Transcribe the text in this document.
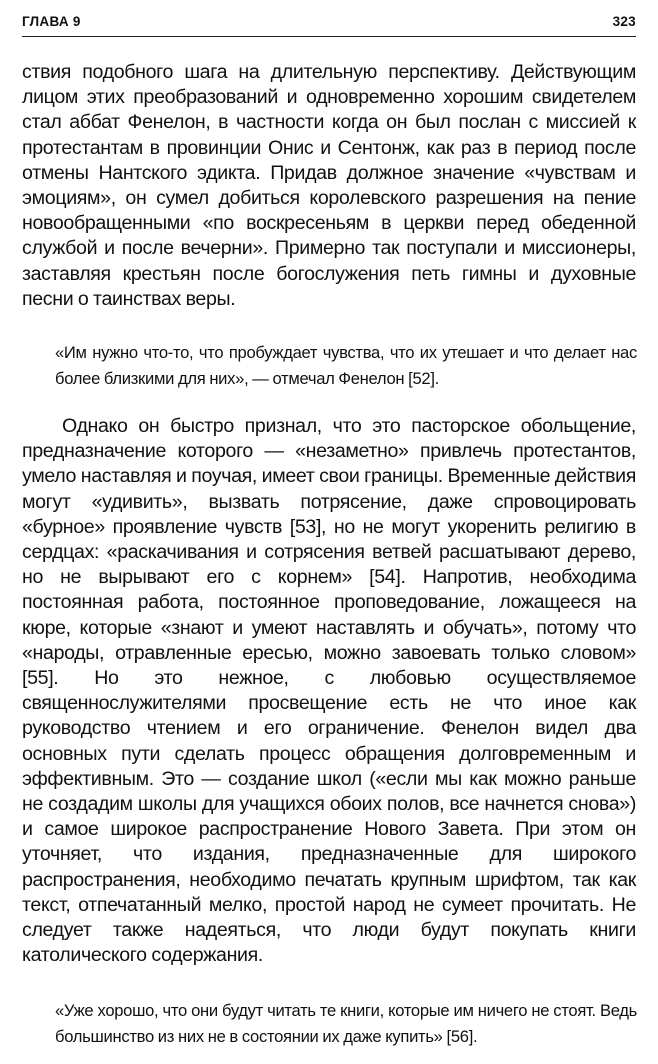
ГЛАВА 9	323

ствия подобного шага на длительную перспективу. Действующим лицом этих преобразований и одновременно хорошим свидетелем стал аббат Фенелон, в частности когда он был послан с миссией к протестантам в провинции Онис и Сентонж, как раз в период после отмены Нантского эдикта. Придав должное значение «чувствам и эмоциям», он сумел добиться королевского разрешения на пение новообращенными «по воскресеньям в церкви перед обеденной службой и после вечерни». Примерно так поступали и миссионеры, заставляя крестьян после богослужения петь гимны и духовные песни о таинствах веры.

«Им нужно что-то, что пробуждает чувства, что их утешает и что делает нас более близкими для них», — отмечал Фенелон [52].

Однако он быстро признал, что это пасторское обольщение, предназначение которого — «незаметно» привлечь протестантов, умело наставляя и поучая, имеет свои границы. Временные действия могут «удивить», вызвать потрясение, даже спровоцировать «бурное» проявление чувств [53], но не могут укоренить религию в сердцах: «раскачивания и сотрясения ветвей расшатывают дерево, но не вырывают его с корнем» [54]. Напротив, необходима постоянная работа, постоянное проповедование, ложащееся на кюре, которые «знают и умеют наставлять и обучать», потому что «народы, отравленные ересью, можно завоевать только словом» [55]. Но это нежное, с любовью осуществляемое священнослужителями просвещение есть не что иное как руководство чтением и его ограничение. Фенелон видел два основных пути сделать процесс обращения долговременным и эффективным. Это — создание школ («если мы как можно раньше не создадим школы для учащихся обоих полов, все начнется снова») и самое широкое распространение Нового Завета. При этом он уточняет, что издания, предназначенные для широкого распространения, необходимо печатать крупным шрифтом, так как текст, отпечатанный мелко, простой народ не сумеет прочитать. Не следует также надеяться, что люди будут покупать книги католического содержания.

«Уже хорошо, что они будут читать те книги, которые им ничего не стоят. Ведь большинство из них не в состоянии их даже купить» [56].
